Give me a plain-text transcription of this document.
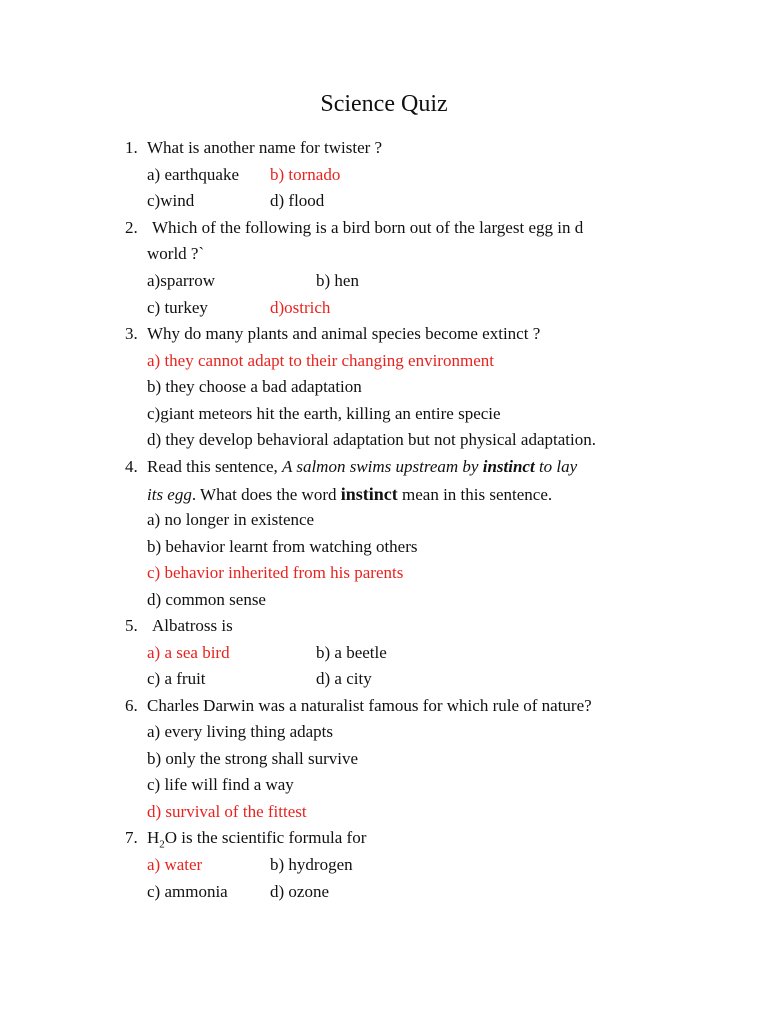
Science Quiz
1. What is another name for twister ?
a) earthquake b) tornado
c)wind	d) flood
2. Which of the following is a bird born out of the largest egg in d
world ?`
a)sparrow	b) hen
c) turkey	d)ostrich
3. Why do many plants and animal species become extinct ?
a) they cannot adapt to their changing environment
b) they choose a bad adaptation
c)giant meteors hit the earth, killing an entire specie
d) they develop behavioral adaptation but not physical adaptation.
4. Read this sentence, A salmon swims upstream by instinct to lay
its egg. What does the word instinct mean in this sentence.
a) no longer in existence
b) behavior learnt from watching others
c) behavior inherited from his parents
d) common sense
5. Albatross is
a) a sea bird	b) a beetle
c) a fruit	d) a city
6. Charles Darwin was a naturalist famous for which rule of nature?
a) every living thing adapts
b) only the strong shall survive
c) life will find a way
d) survival of the fittest
7. $H_2O$ is the scientific formula for
a) water	b) hydrogen
c) ammonia d) ozone
